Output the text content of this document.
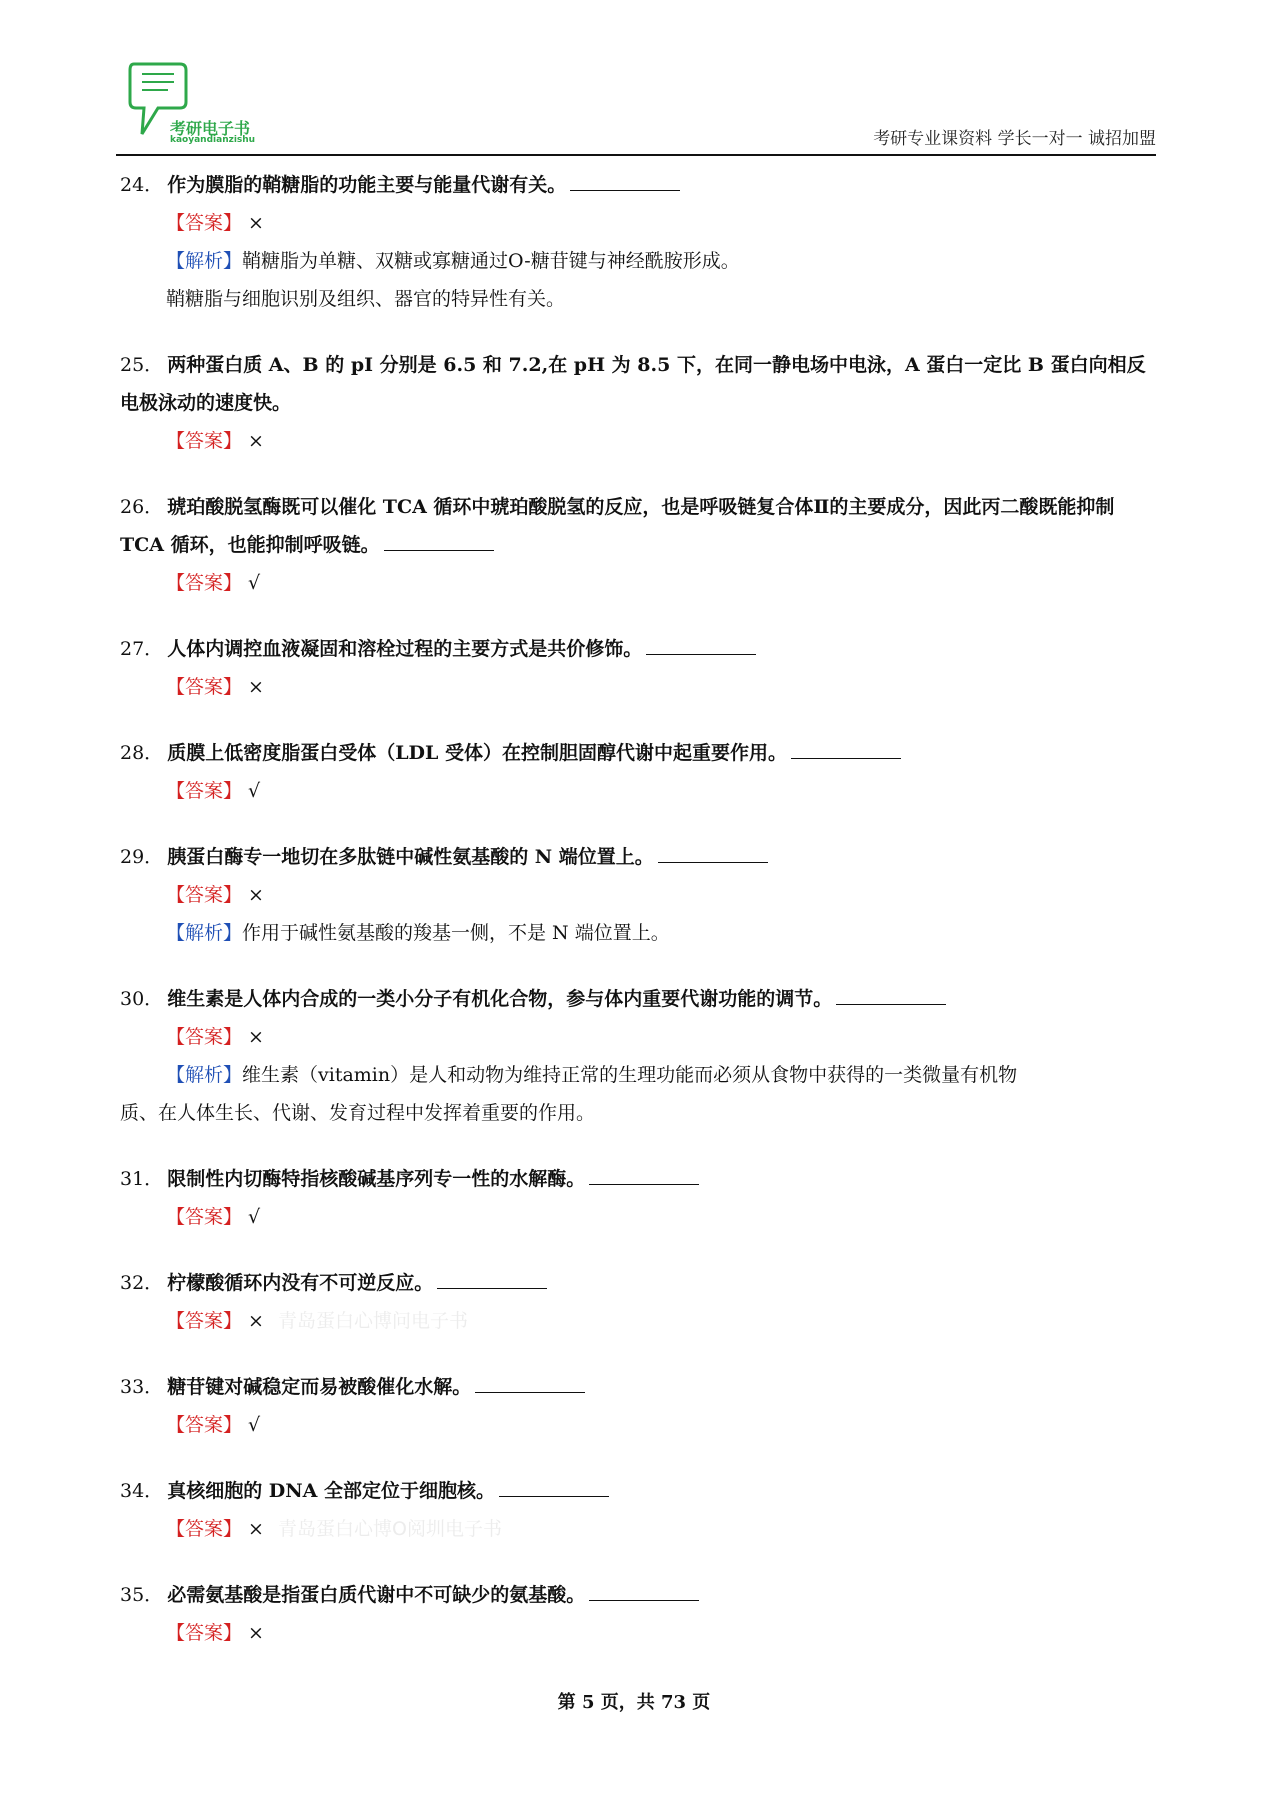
考研电子书
kaoyandianzishu	考研专业课资料 学长一对一 诚招加盟

24． 作为膜脂的鞘糖脂的功能主要与能量代谢有关。

【答案】 ×

【解析】鞘糖脂为单糖、双糖或寡糖通过O-糖苷键与神经酰胺形成。

鞘糖脂与细胞识别及组织、器官的特异性有关。

25． 两种蛋白质 A、B 的 pI 分别是 6.5 和 7.2,在 pH 为 8.5 下，在同一静电场中电泳，A 蛋白一定比 B 蛋白向相反电极泳动的速度快。

【答案】 ×

26． 琥珀酸脱氢酶既可以催化 TCA 循环中琥珀酸脱氢的反应，也是呼吸链复合体Ⅱ的主要成分，因此丙二酸既能抑制 TCA 循环，也能抑制呼吸链。

【答案】 √

27． 人体内调控血液凝固和溶栓过程的主要方式是共价修饰。

【答案】 ×

28． 质膜上低密度脂蛋白受体（LDL 受体）在控制胆固醇代谢中起重要作用。

【答案】 √

29． 胰蛋白酶专一地切在多肽链中碱性氨基酸的 N 端位置上。

【答案】 ×

【解析】作用于碱性氨基酸的羧基一侧，不是 N 端位置上。

30． 维生素是人体内合成的一类小分子有机化合物，参与体内重要代谢功能的调节。

【答案】 ×

【解析】维生素（vitamin）是人和动物为维持正常的生理功能而必须从食物中获得的一类微量有机物

质、在人体生长、代谢、发育过程中发挥着重要的作用。

31． 限制性内切酶特指核酸碱基序列专一性的水解酶。

【答案】 √

32． 柠檬酸循环内没有不可逆反应。

【答案】 × 青岛蛋白心博问电子书

33． 糖苷键对碱稳定而易被酸催化水解。

【答案】 √

34． 真核细胞的 DNA 全部定位于细胞核。

【答案】 × 青岛蛋白心博O阅圳电子书

35． 必需氨基酸是指蛋白质代谢中不可缺少的氨基酸。

【答案】 ×

第 5 页，共 73 页
